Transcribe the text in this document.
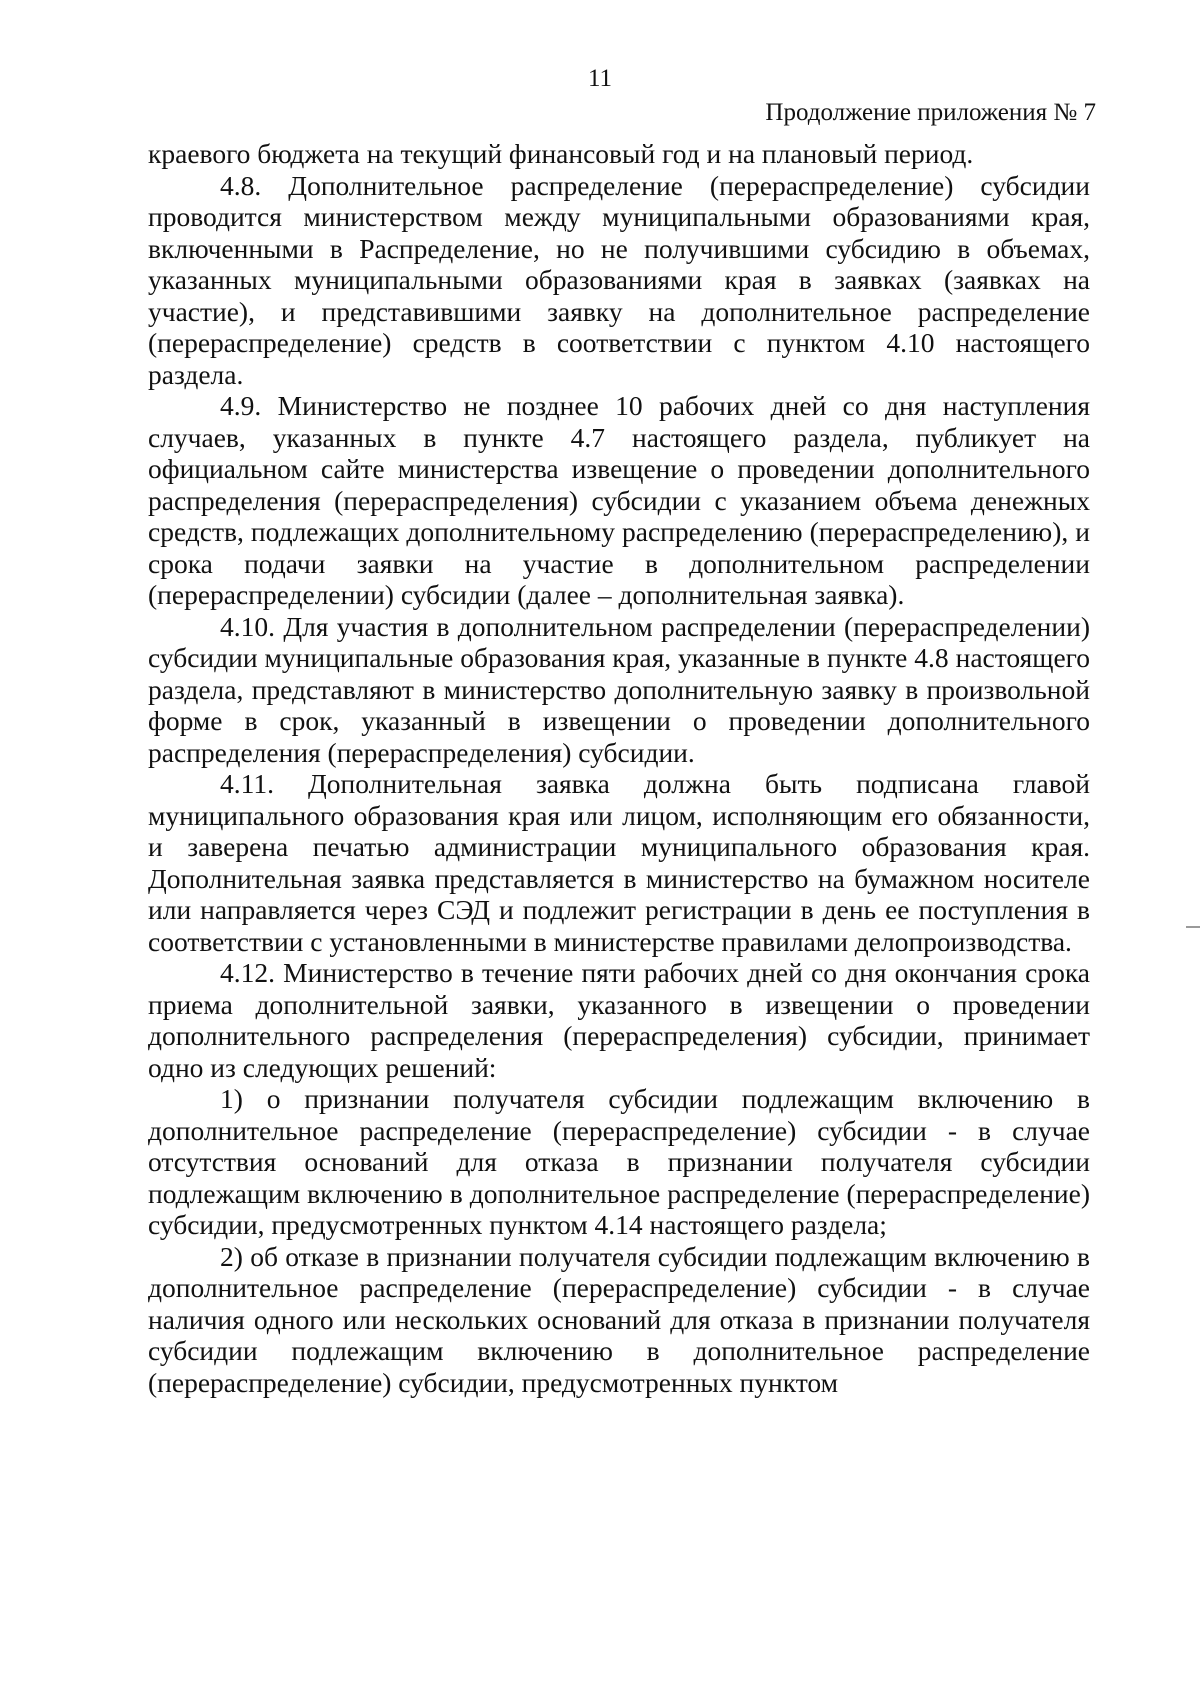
11
Продолжение приложения № 7

краевого бюджета на текущий финансовый год и на плановый период.

4.8. Дополнительное распределение (перераспределение) субсидии проводится министерством между муниципальными образованиями края, включенными в Распределение, но не получившими субсидию в объемах, указанных муниципальными образованиями края в заявках (заявках на участие), и представившими заявку на дополнительное распределение (перераспределение) средств в соответствии с пунктом 4.10 настоящего раздела.

4.9. Министерство не позднее 10 рабочих дней со дня наступления случаев, указанных в пункте 4.7 настоящего раздела, публикует на официальном сайте министерства извещение о проведении дополнительного распределения (перераспределения) субсидии с указанием объема денежных средств, подлежащих дополнительному распределению (перераспределению), и срока подачи заявки на участие в дополнительном распределении (перераспределении) субсидии (далее – дополнительная заявка).

4.10. Для участия в дополнительном распределении (перераспределении) субсидии муниципальные образования края, указанные в пункте 4.8 настоящего раздела, представляют в министерство дополнительную заявку в произвольной форме в срок, указанный в извещении о проведении дополнительного распределения (перераспределения) субсидии.

4.11. Дополнительная заявка должна быть подписана главой муниципального образования края или лицом, исполняющим его обязанности, и заверена печатью администрации муниципального образования края. Дополнительная заявка представляется в министерство на бумажном носителе или направляется через СЭД и подлежит регистрации в день ее поступления в соответствии с установленными в министерстве правилами делопроизводства.

4.12. Министерство в течение пяти рабочих дней со дня окончания срока приема дополнительной заявки, указанного в извещении о проведении дополнительного распределения (перераспределения) субсидии, принимает одно из следующих решений:

1) о признании получателя субсидии подлежащим включению в дополнительное распределение (перераспределение) субсидии - в случае отсутствия оснований для отказа в признании получателя субсидии подлежащим включению в дополнительное распределение (перераспределение) субсидии, предусмотренных пунктом 4.14 настоящего раздела;

2) об отказе в признании получателя субсидии подлежащим включению в дополнительное распределение (перераспределение) субсидии - в случае наличия одного или нескольких оснований для отказа в признании получателя субсидии подлежащим включению в дополнительное распределение (перераспределение) субсидии, предусмотренных пунктом
